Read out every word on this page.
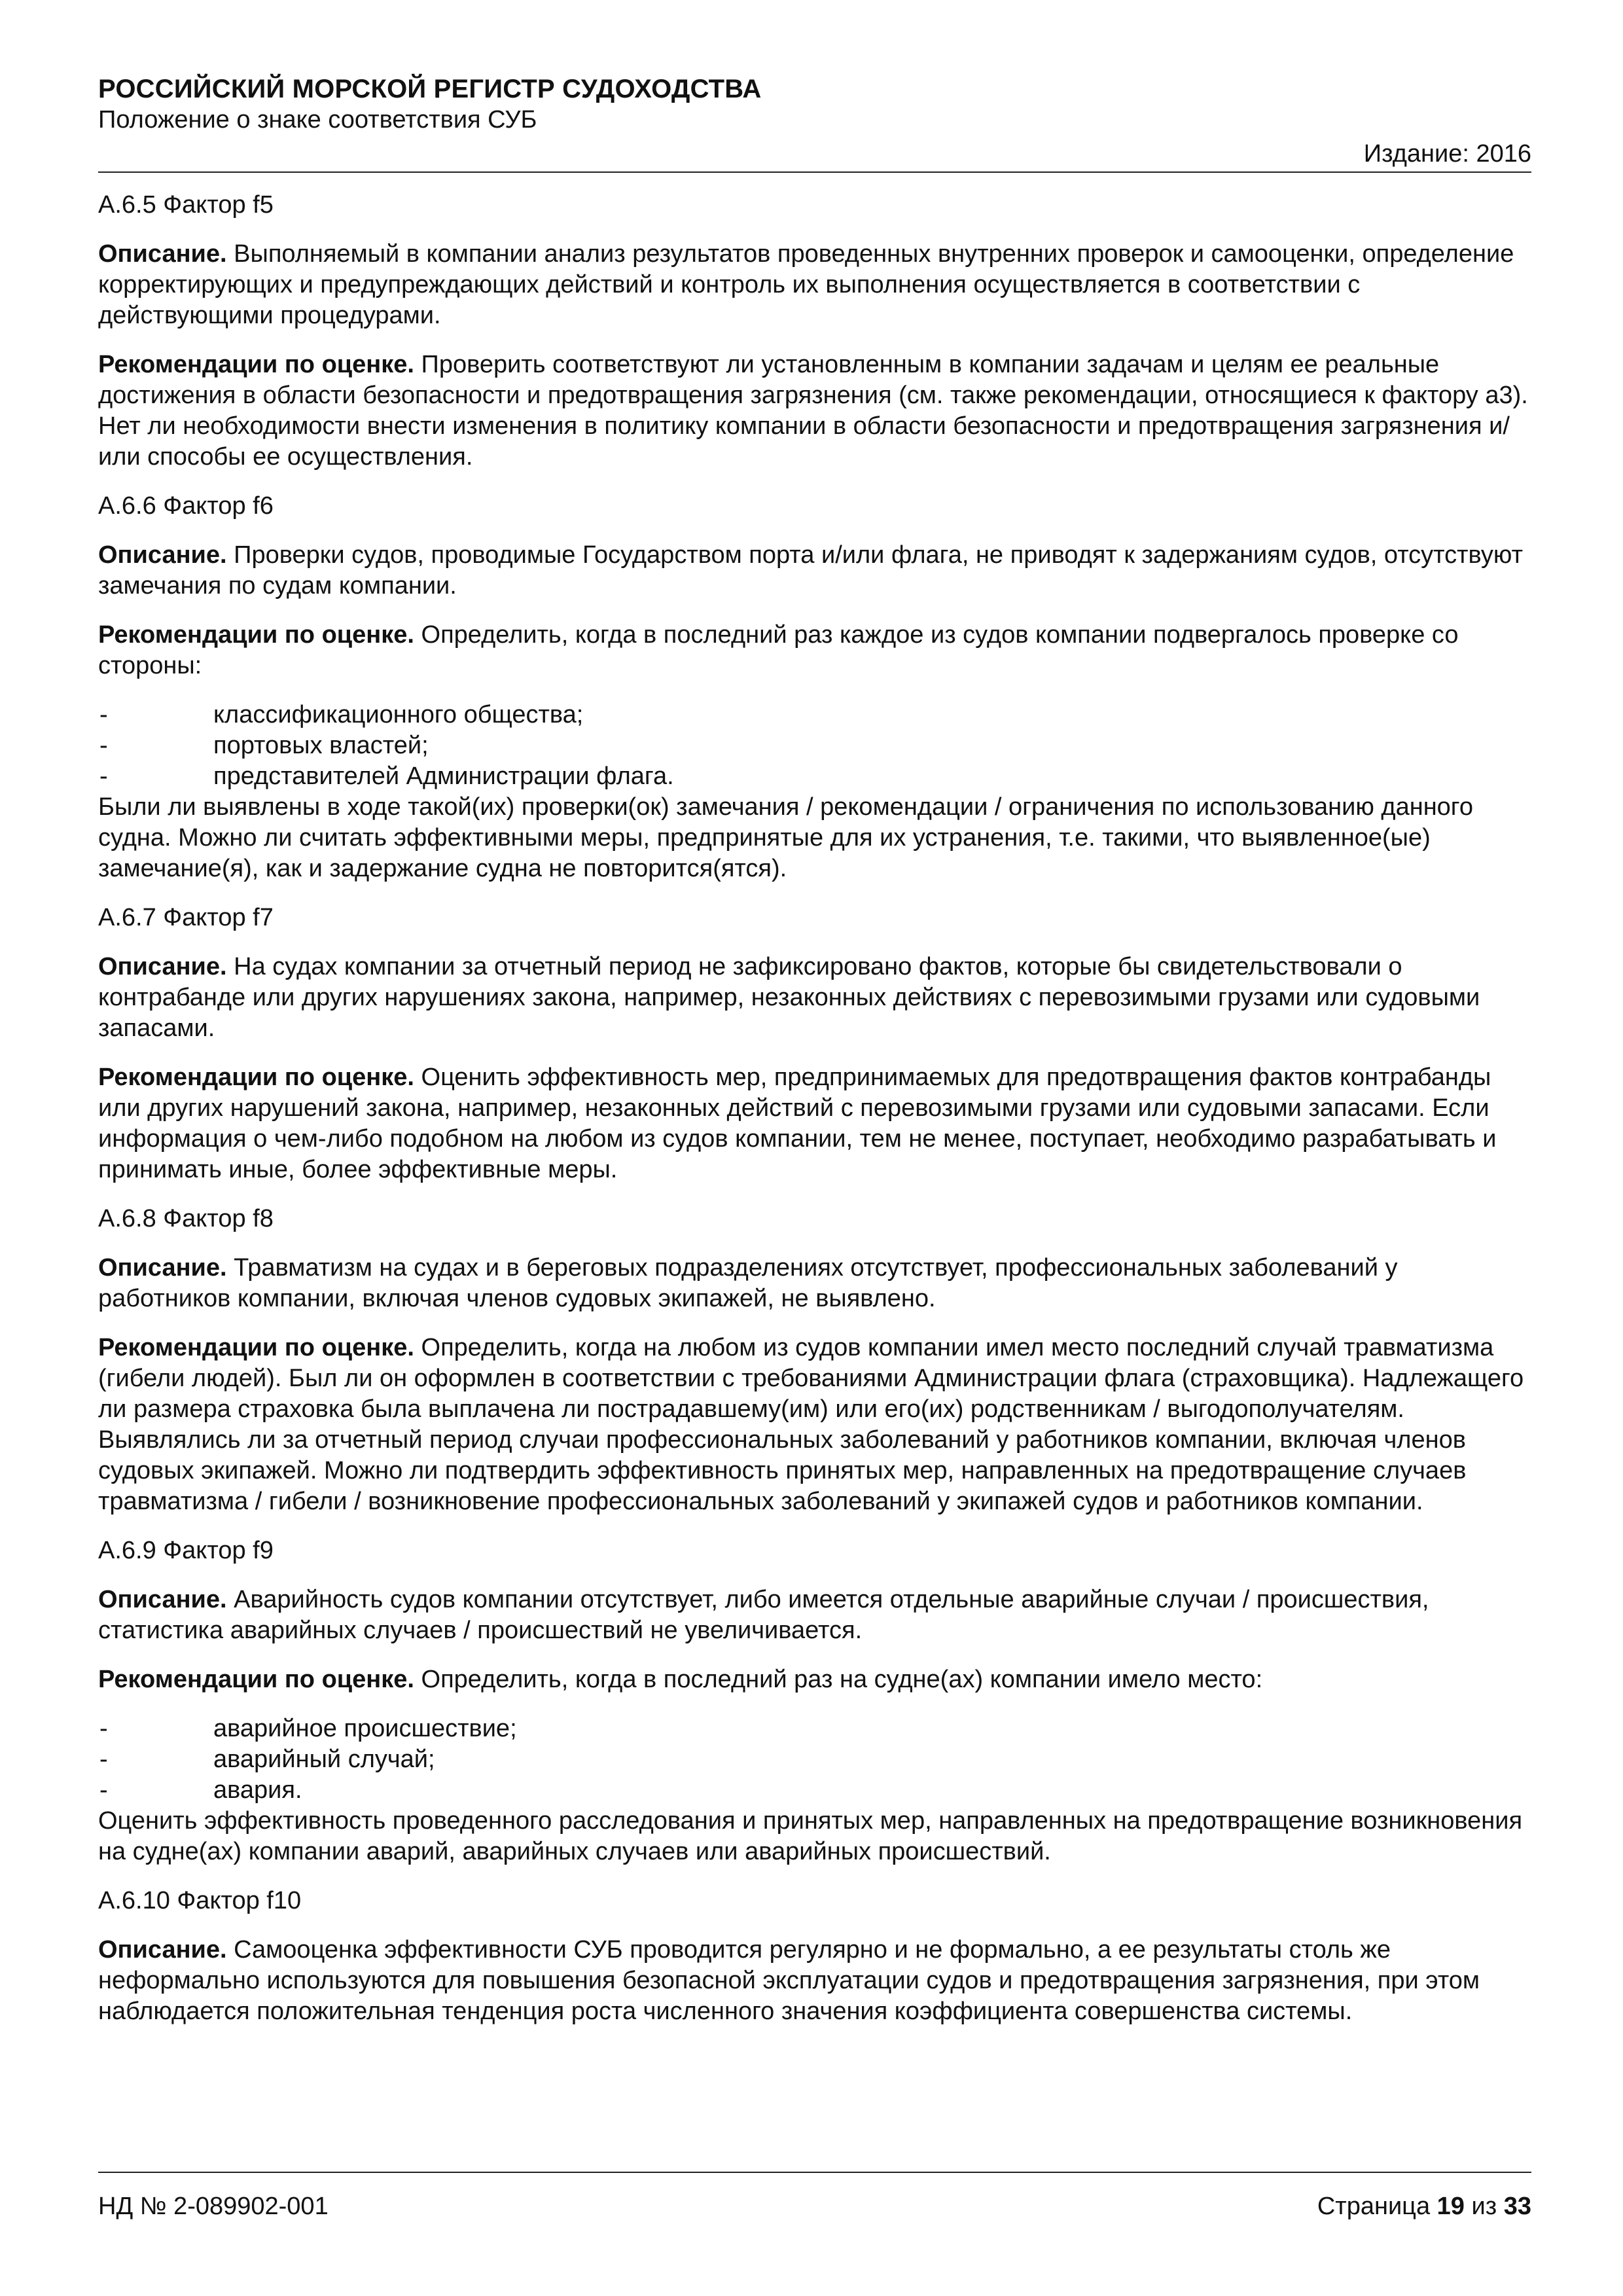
РОССИЙСКИЙ МОРСКОЙ РЕГИСТР СУДОХОДСТВА
Положение о знаке соответствия СУБ
Издание: 2016
А.6.5 Фактор f5

Описание. Выполняемый в компании анализ результатов проведенных внутренних проверок и самооценки, определение корректирующих и предупреждающих действий и контроль их выполнения осуществляется в соответствии с действующими процедурами.

Рекомендации по оценке. Проверить соответствуют ли установленным в компании задачам и целям ее реальные достижения в области безопасности и предотвращения загрязнения (см. также рекомендации, относящиеся к фактору а3). Нет ли необходимости внести изменения в политику компании в области безопасности и предотвращения загрязнения и/или способы ее осуществления.

А.6.6 Фактор f6

Описание. Проверки судов, проводимые Государством порта и/или флага, не приводят к задержаниям судов, отсутствуют замечания по судам компании.

Рекомендации по оценке. Определить, когда в последний раз каждое из судов компании подвергалось проверке со стороны:

-	классификационного общества;
-	портовых властей;
-	представителей Администрации флага.

Были ли выявлены в ходе такой(их) проверки(ок) замечания / рекомендации / ограничения по использованию данного судна. Можно ли считать эффективными меры, предпринятые для их устранения, т.е. такими, что выявленное(ые) замечание(я), как и задержание судна не повторится(ятся).

А.6.7 Фактор f7

Описание. На судах компании за отчетный период не зафиксировано фактов, которые бы свидетельствовали о контрабанде или других нарушениях закона, например, незаконных действиях с перевозимыми грузами или судовыми запасами.

Рекомендации по оценке. Оценить эффективность мер, предпринимаемых для предотвращения фактов контрабанды или других нарушений закона, например, незаконных действий с перевозимыми грузами или судовыми запасами. Если информация о чем-либо подобном на любом из судов компании, тем не менее, поступает, необходимо разрабатывать и принимать иные, более эффективные меры.

А.6.8 Фактор f8

Описание. Травматизм на судах и в береговых подразделениях отсутствует, профессиональных заболеваний у работников компании, включая членов судовых экипажей, не выявлено.

Рекомендации по оценке. Определить, когда на любом из судов компании имел место последний случай травматизма (гибели людей). Был ли он оформлен в соответствии с требованиями Администрации флага (страховщика). Надлежащего ли размера страховка была выплачена ли пострадавшему(им) или его(их) родственникам / выгодополучателям. Выявлялись ли за отчетный период случаи профессиональных заболеваний у работников компании, включая членов судовых экипажей. Можно ли подтвердить эффективность принятых мер, направленных на предотвращение случаев травматизма / гибели / возникновение профессиональных заболеваний у экипажей судов и работников компании.

А.6.9 Фактор f9

Описание. Аварийность судов компании отсутствует, либо имеется отдельные аварийные случаи / происшествия, статистика аварийных случаев / происшествий не увеличивается.

Рекомендации по оценке. Определить, когда в последний раз на судне(ах) компании имело место:

-	аварийное происшествие;
-	аварийный случай;
-	авария.

Оценить эффективность проведенного расследования и принятых мер, направленных на предотвращение возникновения на судне(ах) компании аварий, аварийных случаев или аварийных происшествий.

А.6.10 Фактор f10

Описание. Самооценка эффективности СУБ проводится регулярно и не формально, а ее результаты столь же неформально используются для повышения безопасной эксплуатации судов и предотвращения загрязнения, при этом наблюдается положительная тенденция роста численного значения коэффициента совершенства системы.

НД № 2-089902-001	Страница 19 из 33
